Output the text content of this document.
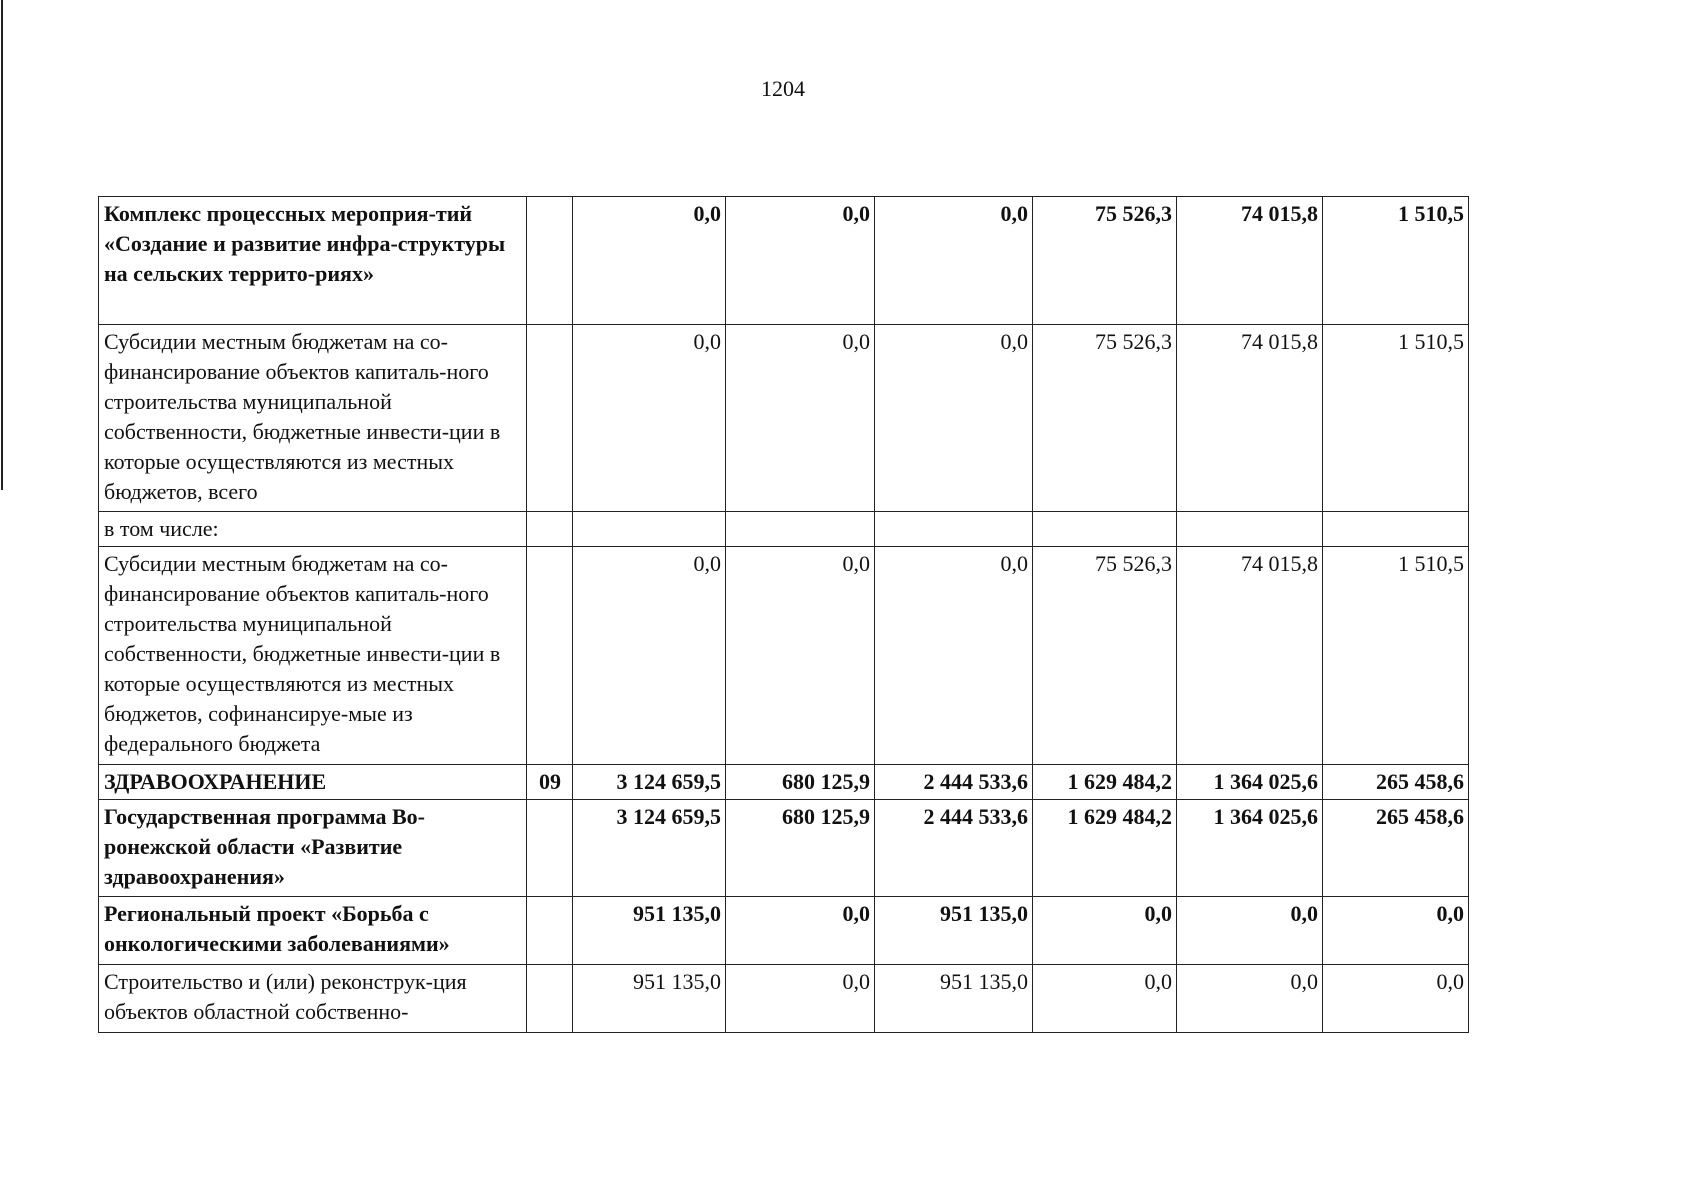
1204
Комплекс процессных мероприя-тий «Создание и развитие инфра-структуры на сельских террито-риях»		0,0	0,0	0,0	75 526,3	74 015,8	1 510,5
Субсидии местным бюджетам на со-финансирование объектов капиталь-ного строительства муниципальной собственности, бюджетные инвести-ции в которые осуществляются из местных бюджетов, всего		0,0	0,0	0,0	75 526,3	74 015,8	1 510,5
в том числе:							
Субсидии местным бюджетам на со-финансирование объектов капиталь-ного строительства муниципальной собственности, бюджетные инвести-ции в которые осуществляются из местных бюджетов, софинансируе-мые из федерального бюджета		0,0	0,0	0,0	75 526,3	74 015,8	1 510,5
ЗДРАВООХРАНЕНИЕ	09	3 124 659,5	680 125,9	2 444 533,6	1 629 484,2	1 364 025,6	265 458,6
Государственная программа Во-ронежской области «Развитие здравоохранения»		3 124 659,5	680 125,9	2 444 533,6	1 629 484,2	1 364 025,6	265 458,6
Региональный проект «Борьба с онкологическими заболеваниями»		951 135,0	0,0	951 135,0	0,0	0,0	0,0
Строительство и (или) реконструк-ция объектов областной собственно-		951 135,0	0,0	951 135,0	0,0	0,0	0,0
